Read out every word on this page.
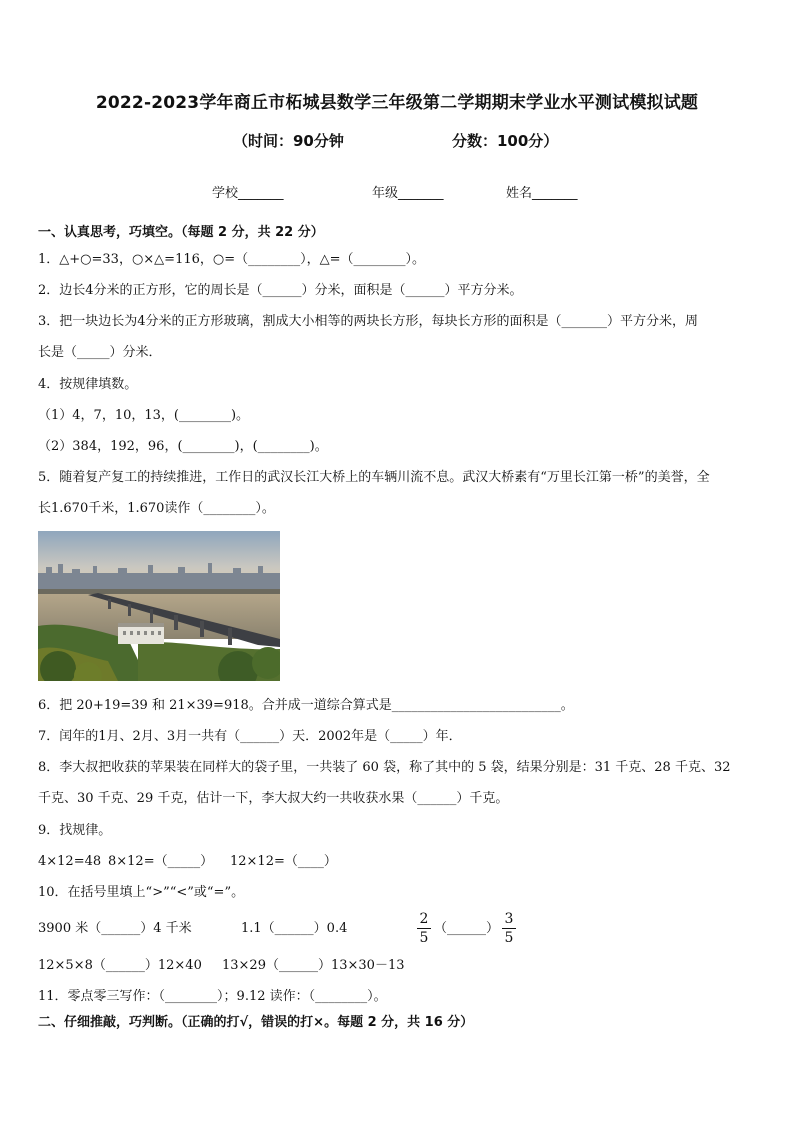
2022-2023学年商丘市柘城县数学三年级第二学期期末学业水平测试模拟试题
（时间：90分钟	分数：100分）
学校_______	年级_______	姓名_______
一、认真思考，巧填空。（每题 2 分，共 22 分）
1．△+○=33，○×△=116，○=（________），△=（________）。
2．边长4分米的正方形，它的周长是（______）分米，面积是（______）平方分米。
3．把一块边长为4分米的正方形玻璃，割成大小相等的两块长方形，每块长方形的面积是（_______）平方分米，周
长是（_____）分米．
4．按规律填数。
（1）4，7，10，13，(________)。
（2）384，192，96，(________)，(________)。
5．随着复产复工的持续推进，工作日的武汉长江大桥上的车辆川流不息。武汉大桥素有“万里长江第一桥”的美誉，全
长1.670千米，1.670读作（________）。
6．把 20+19=39 和 21×39=918。合并成一道综合算式是__________________________。
7．闰年的1月、2月、3月一共有（______）天．2002年是（_____）年．
8．李大叔把收获的苹果装在同样大的袋子里，一共装了 60 袋，称了其中的 5 袋，结果分别是：31 千克、28 千克、32
千克、30 千克、29 千克，估计一下，李大叔大约一共收获水果（______）千克。
9．找规律。
4×12=48 8×12=（_____） 12×12=（____）
10．在括号里填上“>”“<”或“=”。
3900 米（______）4 千米	1.1（______）0.4	$\frac{2}{5}$ （______） $\frac{3}{5}$
12×5×8（______）12×40 13×29（______）13×30－13
11．零点零三写作：（________）；9.12 读作：（________）。
二、仔细推敲，巧判断。（正确的打√，错误的打×。每题 2 分，共 16 分）
